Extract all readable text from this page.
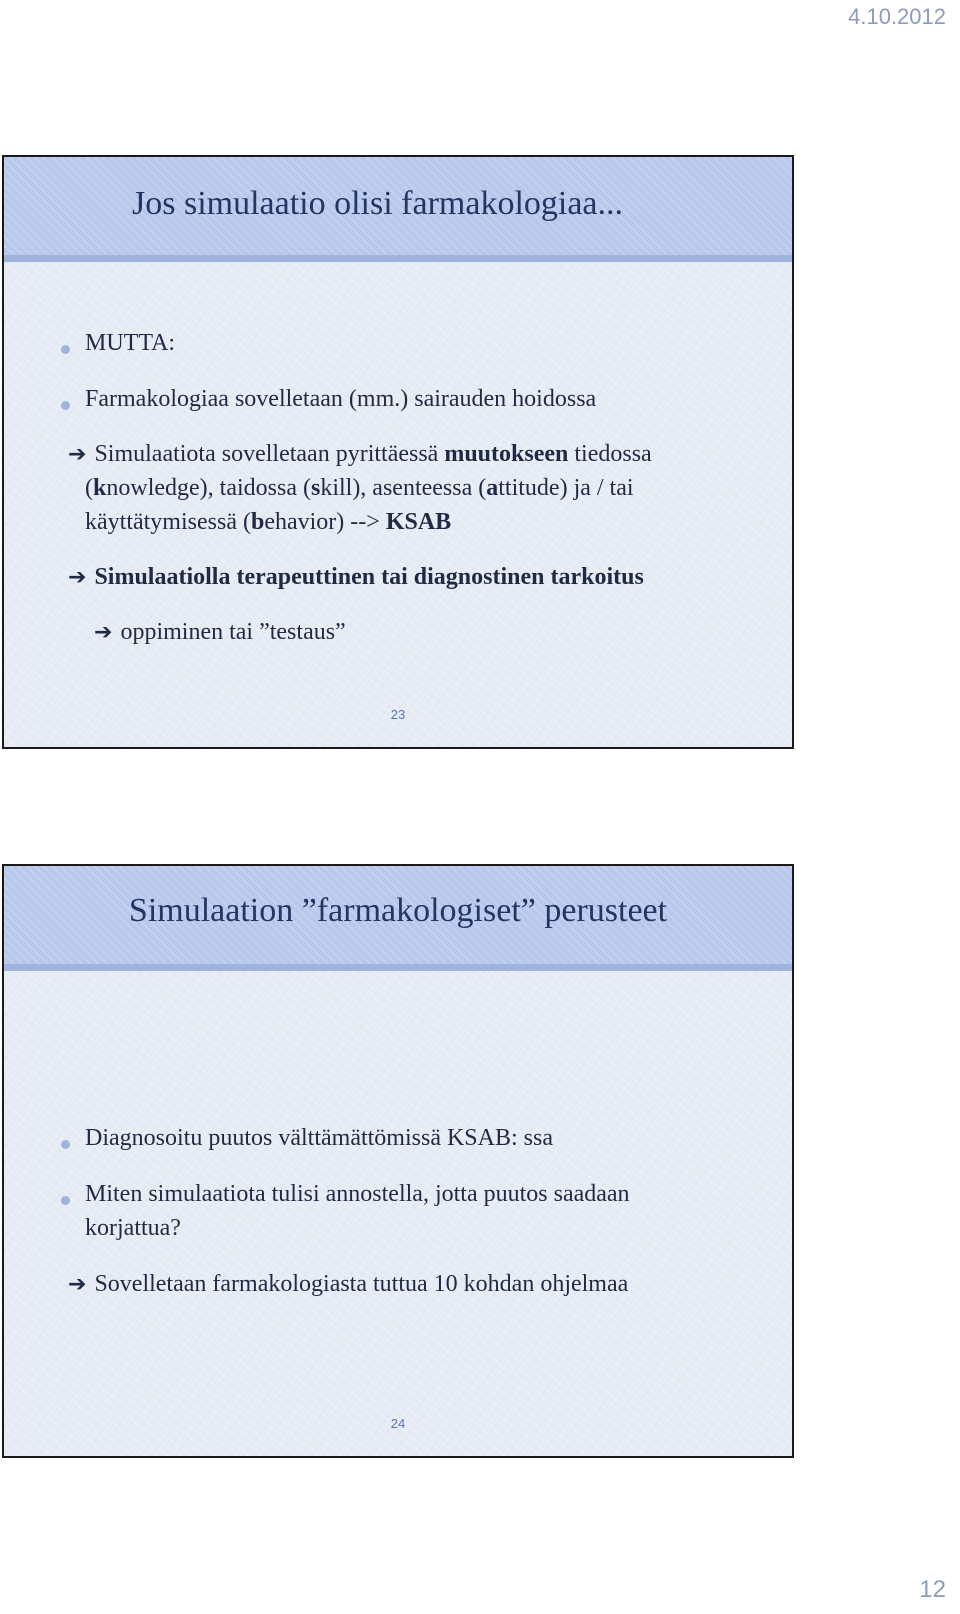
4.10.2012
Jos simulaatio olisi farmakologiaa...
MUTTA:
Farmakologiaa sovelletaan (mm.) sairauden hoidossa
➔ Simulaatiota sovelletaan pyrittäessä muutokseen tiedossa
(knowledge), taidossa (skill), asenteessa (attitude) ja / tai
käyttätymisessä (behavior) --> KSAB
➔ Simulaatiolla terapeuttinen tai diagnostinen tarkoitus
➔ oppiminen tai ”testaus”
23
Simulaation ”farmakologiset” perusteet
Diagnosoitu puutos välttämättömissä KSAB: ssa
Miten simulaatiota tulisi annostella, jotta puutos saadaan
korjattua?
➔ Sovelletaan farmakologiasta tuttua 10 kohdan ohjelmaa
24
12
